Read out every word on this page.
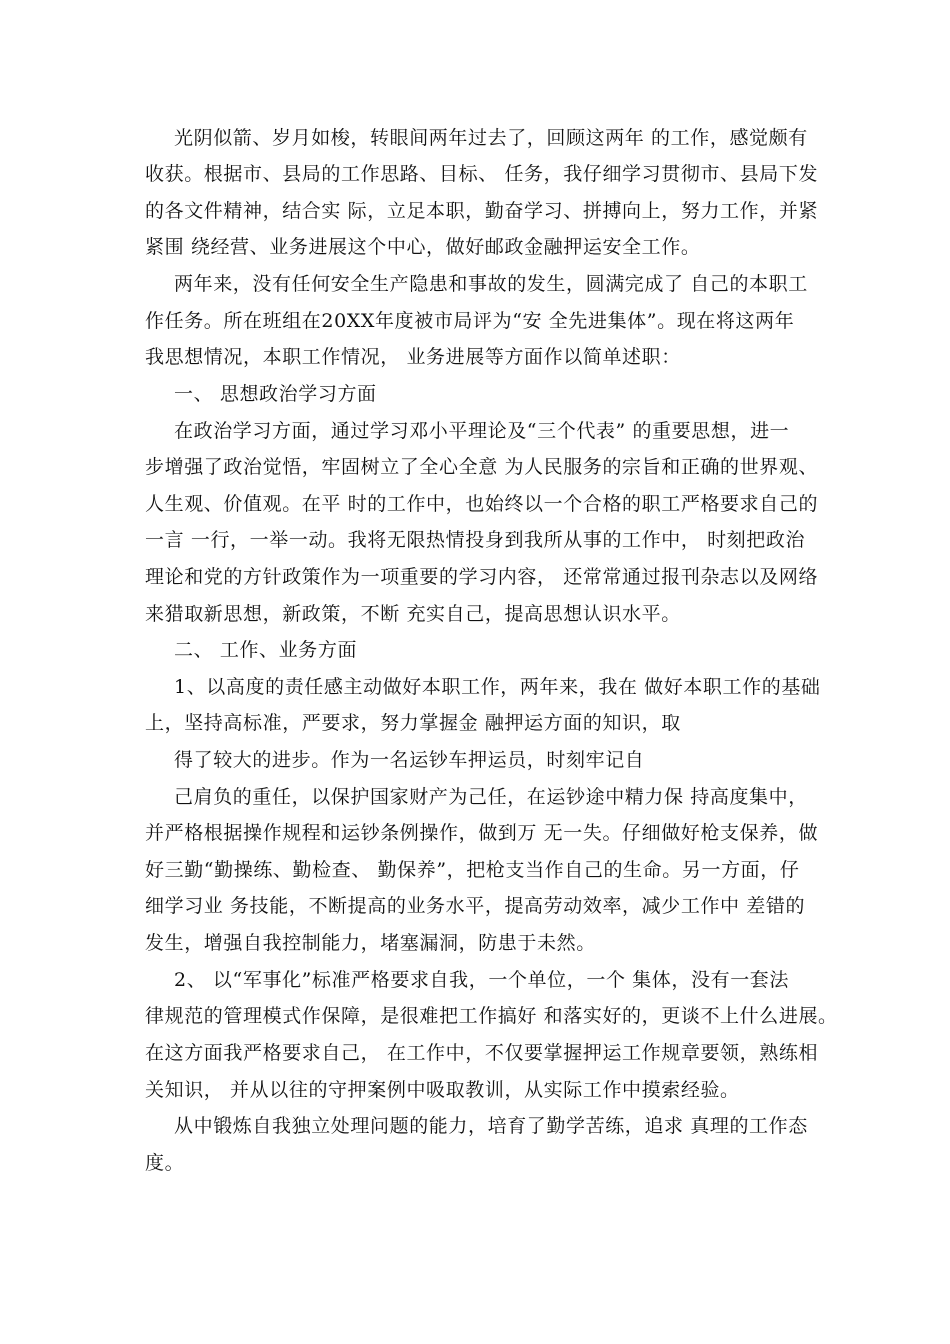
光阴似箭、岁月如梭，转眼间两年过去了，回顾这两年 的工作，感觉颇有
收获。根据市、县局的工作思路、目标、 任务，我仔细学习贯彻市、县局下发
的各文件精神，结合实 际，立足本职，勤奋学习、拼搏向上，努力工作，并紧
紧围 绕经营、业务进展这个中心，做好邮政金融押运安全工作。
两年来，没有任何安全生产隐患和事故的发生，圆满完成了 自己的本职工
作任务。所在班组在20XX年度被市局评为“安 全先进集体”。现在将这两年
我思想情况，本职工作情况， 业务进展等方面作以简单述职：
一、 思想政治学习方面
在政治学习方面，通过学习邓小平理论及“三个代表” 的重要思想，进一
步增强了政治觉悟，牢固树立了全心全意 为人民服务的宗旨和正确的世界观、
人生观、价值观。在平 时的工作中，也始终以一个合格的职工严格要求自己的
一言 一行，一举一动。我将无限热情投身到我所从事的工作中， 时刻把政治
理论和党的方针政策作为一项重要的学习内容， 还常常通过报刊杂志以及网络
来猎取新思想，新政策，不断 充实自己，提高思想认识水平。
二、 工作、业务方面
1、以高度的责任感主动做好本职工作，两年来，我在 做好本职工作的基础
上，坚持高标准，严要求，努力掌握金 融押运方面的知识，取
得了较大的进步。作为一名运钞车押运员，时刻牢记自
己肩负的重任，以保护国家财产为己任，在运钞途中精力保 持高度集中，
并严格根据操作规程和运钞条例操作，做到万 无一失。仔细做好枪支保养，做
好三勤“勤操练、勤检查、 勤保养”，把枪支当作自己的生命。另一方面，仔
细学习业 务技能，不断提高的业务水平，提高劳动效率，减少工作中 差错的
发生，增强自我控制能力，堵塞漏洞，防患于未然。
2、 以“军事化”标准严格要求自我，一个单位，一个 集体，没有一套法
律规范的管理模式作保障，是很难把工作搞好 和落实好的，更谈不上什么进展。
在这方面我严格要求自己， 在工作中，不仅要掌握押运工作规章要领，熟练相
关知识， 并从以往的守押案例中吸取教训，从实际工作中摸索经验。
从中锻炼自我独立处理问题的能力，培育了勤学苦练，追求 真理的工作态
度。
